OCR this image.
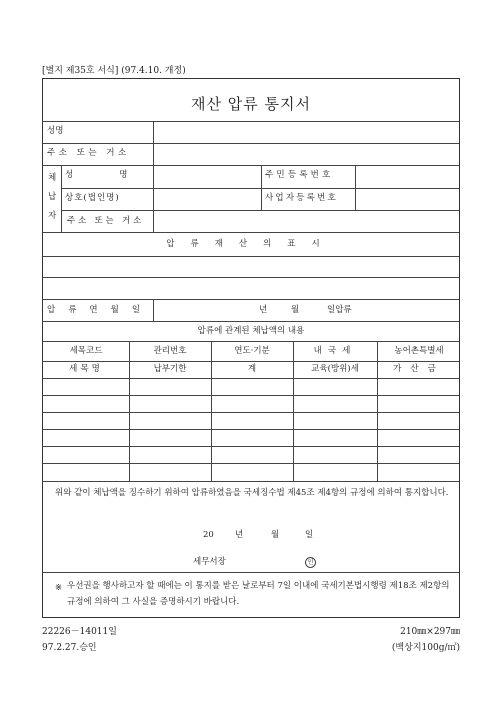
[별지 제35호 서식] (97.4.10. 개정)
재산 압류 통지서
성명
주소 또는 거소
체
납
자
성명	주민등록번호
상호(법인명)	사업자등록번호
주소 또는 거소
압류재산의표시
압류연월일	년	월	일압류
압류에 관계된 체납액의 내용
세목코드	관리번호	연도·기분	내국세	농어촌특별세
세목명	납부기한	계	교육(방위)세	가산금
위와 같이 체납액을 징수하기 위하여 압류하였음을 국세징수법 제45조 제4항의 규정에 의하여 통지합니다.
20 년	월	일
세무서장	인
※ 우선권을 행사하고자 할 때에는 이 통지를 받은 날로부터 7일 이내에 국세기본법시행령 제18조 제2항의 규정에 의하여 그 사실을 증명하시기 바랍니다.
22226－14011일
97.2.27.승인
210㎜×297㎜
(백상지100g/㎡)
